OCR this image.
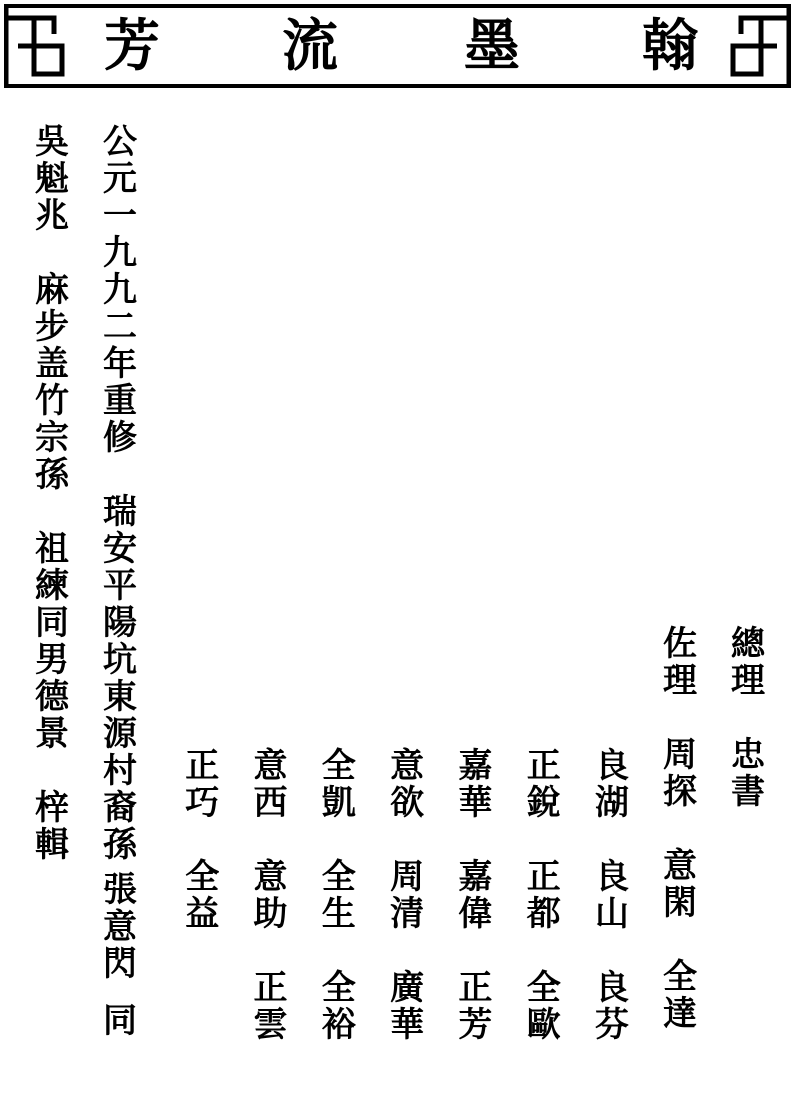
芳 流 墨 翰
吳
魁
兆
麻
步
盖
竹
宗
孫
祖
練
同
男
德
景
梓
輯
公
元
一
九
九
二
年
重
修
瑞
安
平
陽
坑
東
源
村
裔
孫
張
意
閃
同
總
理
忠
書
佐
理
周
探
意
閑
全
達
良
湖
良
山
良
芬
正
銳
正
都
全
歐
嘉
華
嘉
偉
正
芳
意
欲
周
清
廣
華
全
凱
全
生
全
裕
意
西
意
助
正
雲
正
巧
全
益
